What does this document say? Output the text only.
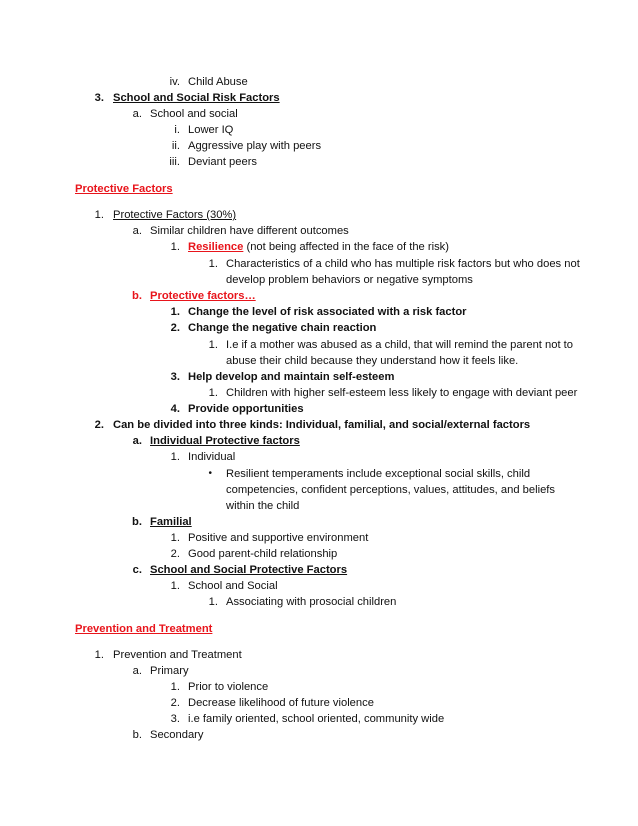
iv. Child Abuse
3. School and Social Risk Factors
a. School and social
i. Lower IQ
ii. Aggressive play with peers
iii. Deviant peers
Protective Factors
1. Protective Factors (30%)
a. Similar children have different outcomes
1. Resilience (not being affected in the face of the risk)
1. Characteristics of a child who has multiple risk factors but who does not
develop problem behaviors or negative symptoms
b. Protective factors…
1. Change the level of risk associated with a risk factor
2. Change the negative chain reaction
1. I.e if a mother was abused as a child, that will remind the parent not to
abuse their child because they understand how it feels like.
3. Help develop and maintain self-esteem
1. Children with higher self-esteem less likely to engage with deviant peer
4. Provide opportunities
2. Can be divided into three kinds: Individual, familial, and social/external factors
a. Individual Protective factors
1. Individual
• Resilient temperaments include exceptional social skills, child
competencies, confident perceptions, values, attitudes, and beliefs
within the child
b. Familial
1. Positive and supportive environment
2. Good parent-child relationship
c. School and Social Protective Factors
1. School and Social
1. Associating with prosocial children
Prevention and Treatment
1. Prevention and Treatment
a. Primary
1. Prior to violence
2. Decrease likelihood of future violence
3. i.e family oriented, school oriented, community wide
b. Secondary
